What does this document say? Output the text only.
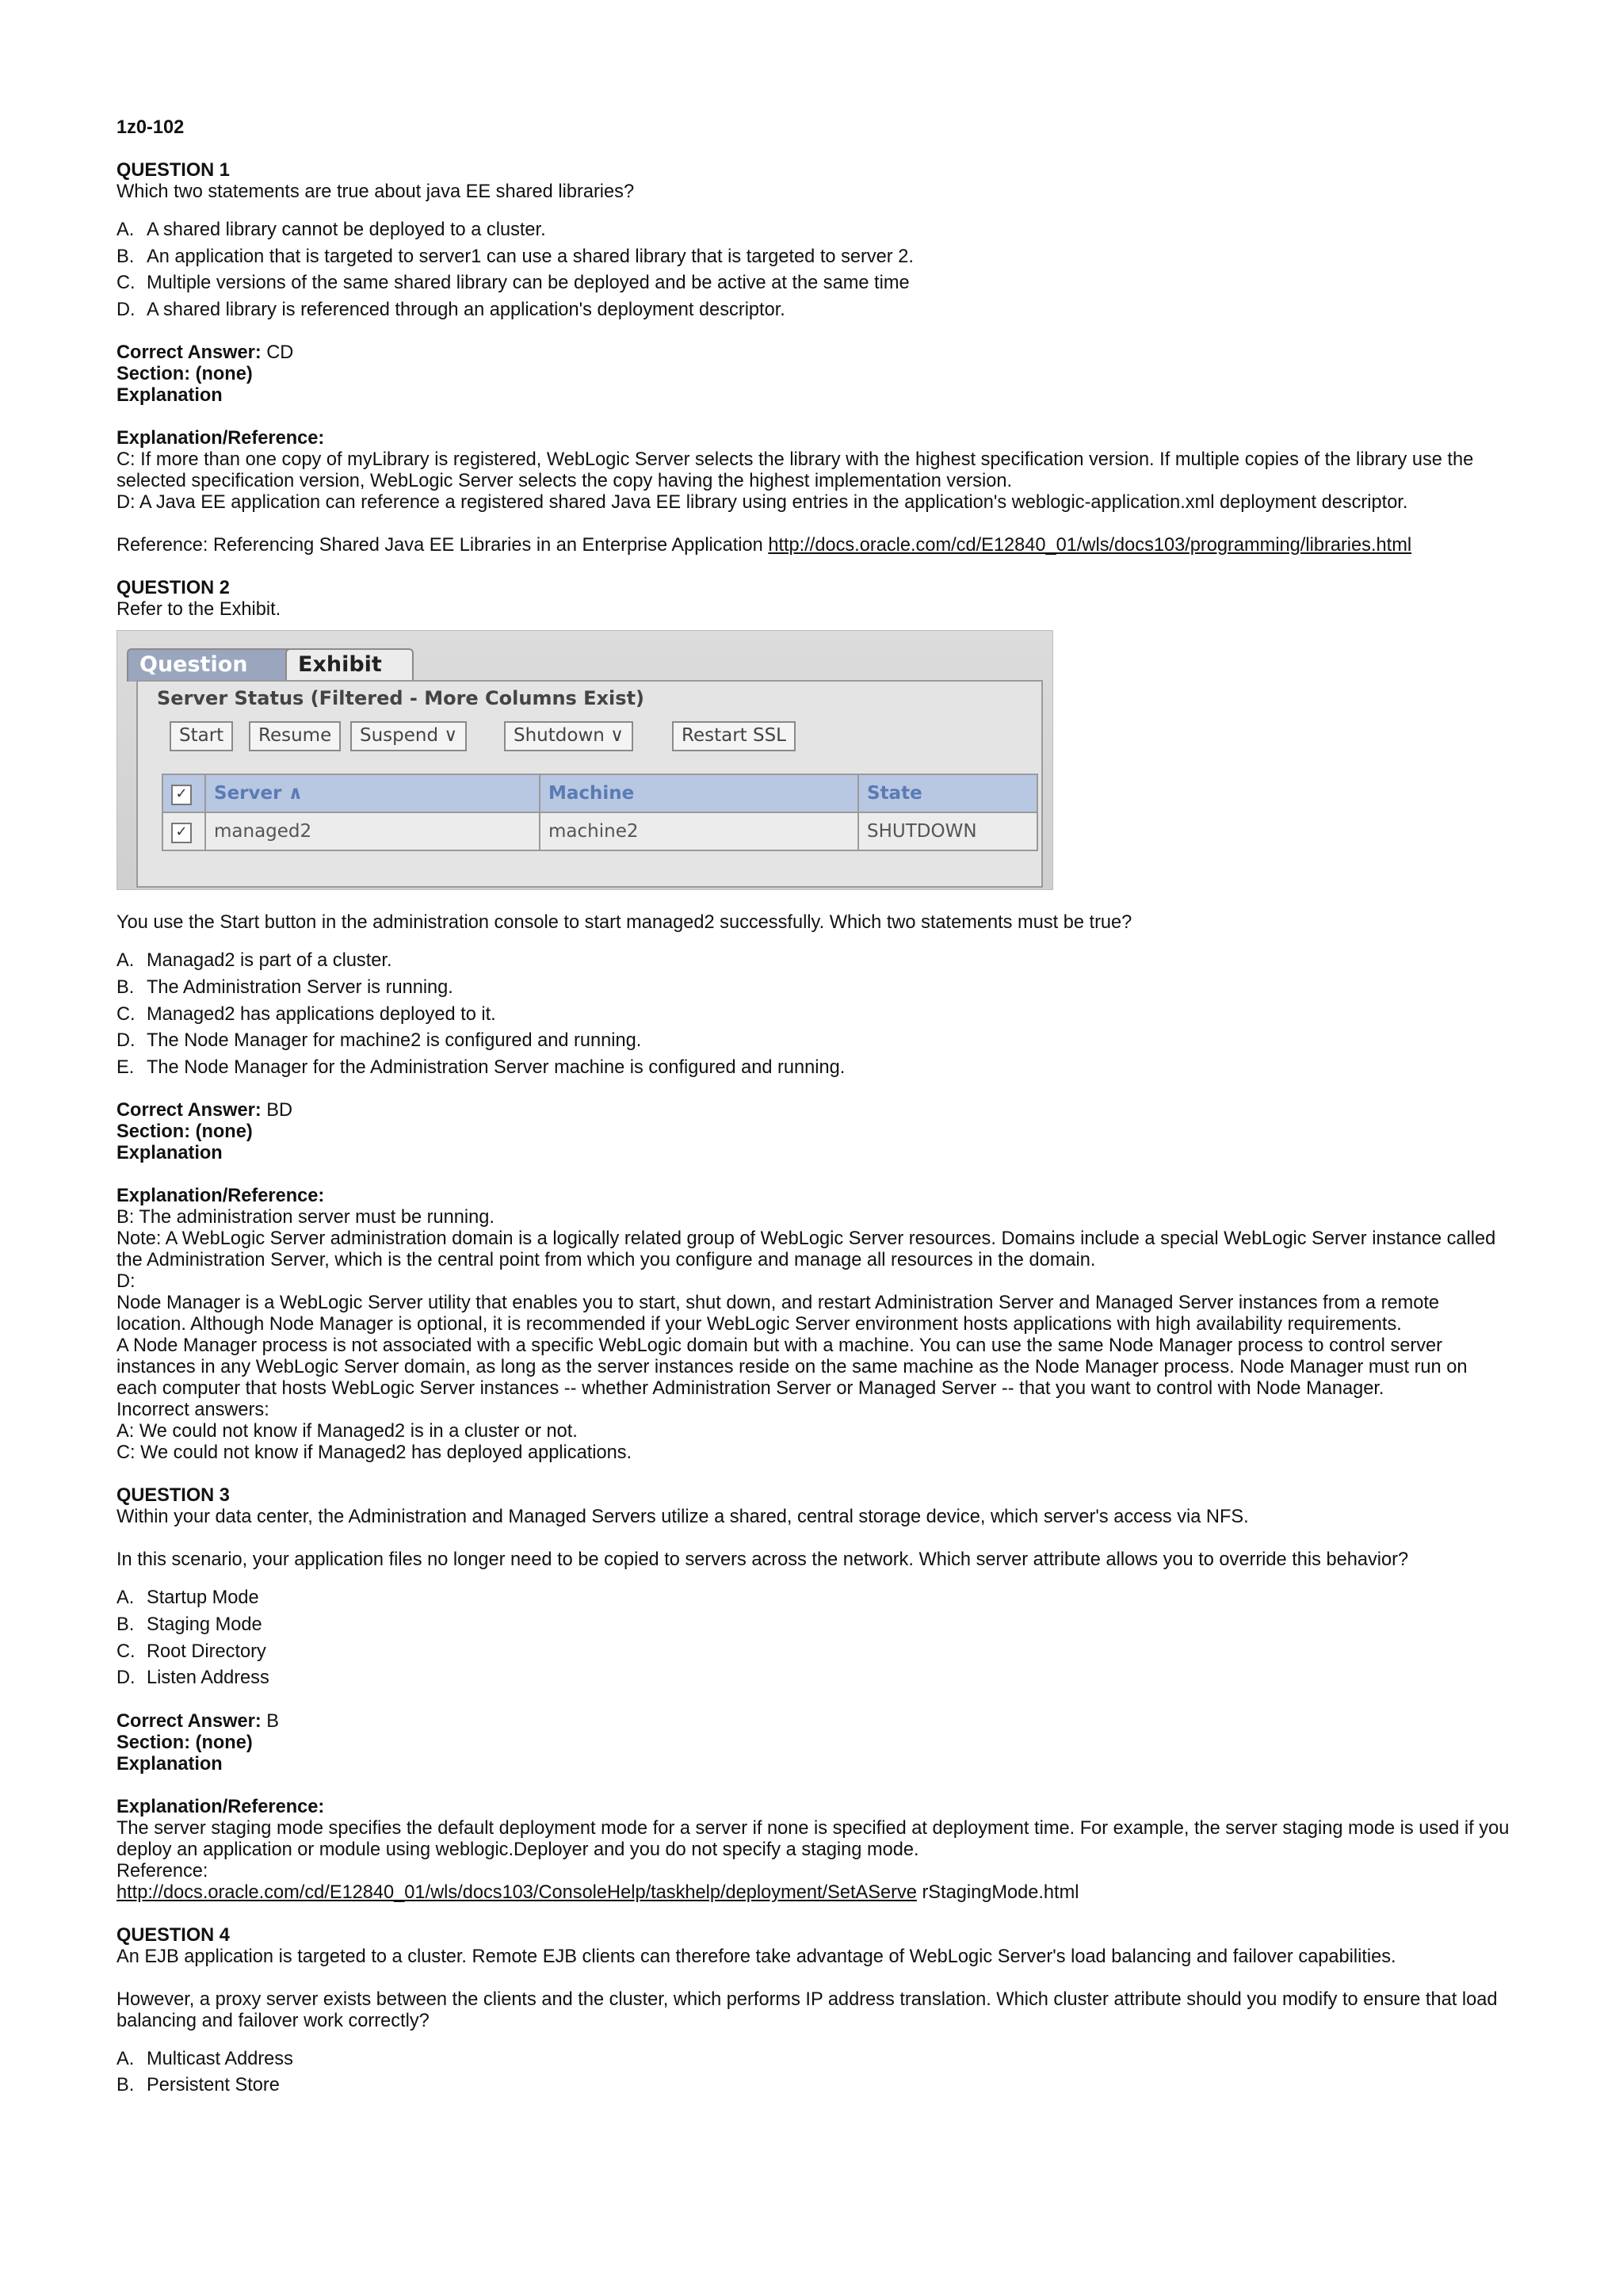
1z0-102
QUESTION 1
Which two statements are true about java EE shared libraries?
A. A shared library cannot be deployed to a cluster.
B. An application that is targeted to server1 can use a shared library that is targeted to server 2.
C. Multiple versions of the same shared library can be deployed and be active at the same time
D. A shared library is referenced through an application's deployment descriptor.
Correct Answer: CD
Section: (none)
Explanation
Explanation/Reference:
C: If more than one copy of myLibrary is registered, WebLogic Server selects the library with the highest specification version. If multiple copies of the library use the selected specification version, WebLogic Server selects the copy having the highest implementation version.
D: A Java EE application can reference a registered shared Java EE library using entries in the application's weblogic-application.xml deployment descriptor.
Reference: Referencing Shared Java EE Libraries in an Enterprise Application http://docs.oracle.com/cd/E12840_01/wls/docs103/programming/libraries.html
QUESTION 2
Refer to the Exhibit.
Question	Exhibit
Server Status (Filtered - More Columns Exist)
Start	Resume	Suspend ∨	Shutdown ∨	Restart SSL
✓	Server ∧	Machine	State
✓	managed2	machine2	SHUTDOWN
You use the Start button in the administration console to start managed2 successfully. Which two statements must be true?
A. Managad2 is part of a cluster.
B. The Administration Server is running.
C. Managed2 has applications deployed to it.
D. The Node Manager for machine2 is configured and running.
E. The Node Manager for the Administration Server machine is configured and running.
Correct Answer: BD
Section: (none)
Explanation
Explanation/Reference:
B: The administration server must be running.
Note: A WebLogic Server administration domain is a logically related group of WebLogic Server resources. Domains include a special WebLogic Server instance called the Administration Server, which is the central point from which you configure and manage all resources in the domain.
D:
Node Manager is a WebLogic Server utility that enables you to start, shut down, and restart Administration Server and Managed Server instances from a remote location. Although Node Manager is optional, it is recommended if your WebLogic Server environment hosts applications with high availability requirements.
A Node Manager process is not associated with a specific WebLogic domain but with a machine. You can use the same Node Manager process to control server instances in any WebLogic Server domain, as long as the server instances reside on the same machine as the Node Manager process. Node Manager must run on each computer that hosts WebLogic Server instances -- whether Administration Server or Managed Server -- that you want to control with Node Manager.
Incorrect answers:
A: We could not know if Managed2 is in a cluster or not.
C: We could not know if Managed2 has deployed applications.
QUESTION 3
Within your data center, the Administration and Managed Servers utilize a shared, central storage device, which server's access via NFS.
In this scenario, your application files no longer need to be copied to servers across the network. Which server attribute allows you to override this behavior?
A. Startup Mode
B. Staging Mode
C. Root Directory
D. Listen Address
Correct Answer: B
Section: (none)
Explanation
Explanation/Reference:
The server staging mode specifies the default deployment mode for a server if none is specified at deployment time. For example, the server staging mode is used if you deploy an application or module using weblogic.Deployer and you do not specify a staging mode.
Reference:
http://docs.oracle.com/cd/E12840_01/wls/docs103/ConsoleHelp/taskhelp/deployment/SetAServe rStagingMode.html
QUESTION 4
An EJB application is targeted to a cluster. Remote EJB clients can therefore take advantage of WebLogic Server's load balancing and failover capabilities.
However, a proxy server exists between the clients and the cluster, which performs IP address translation. Which cluster attribute should you modify to ensure that load balancing and failover work correctly?
A. Multicast Address
B. Persistent Store
